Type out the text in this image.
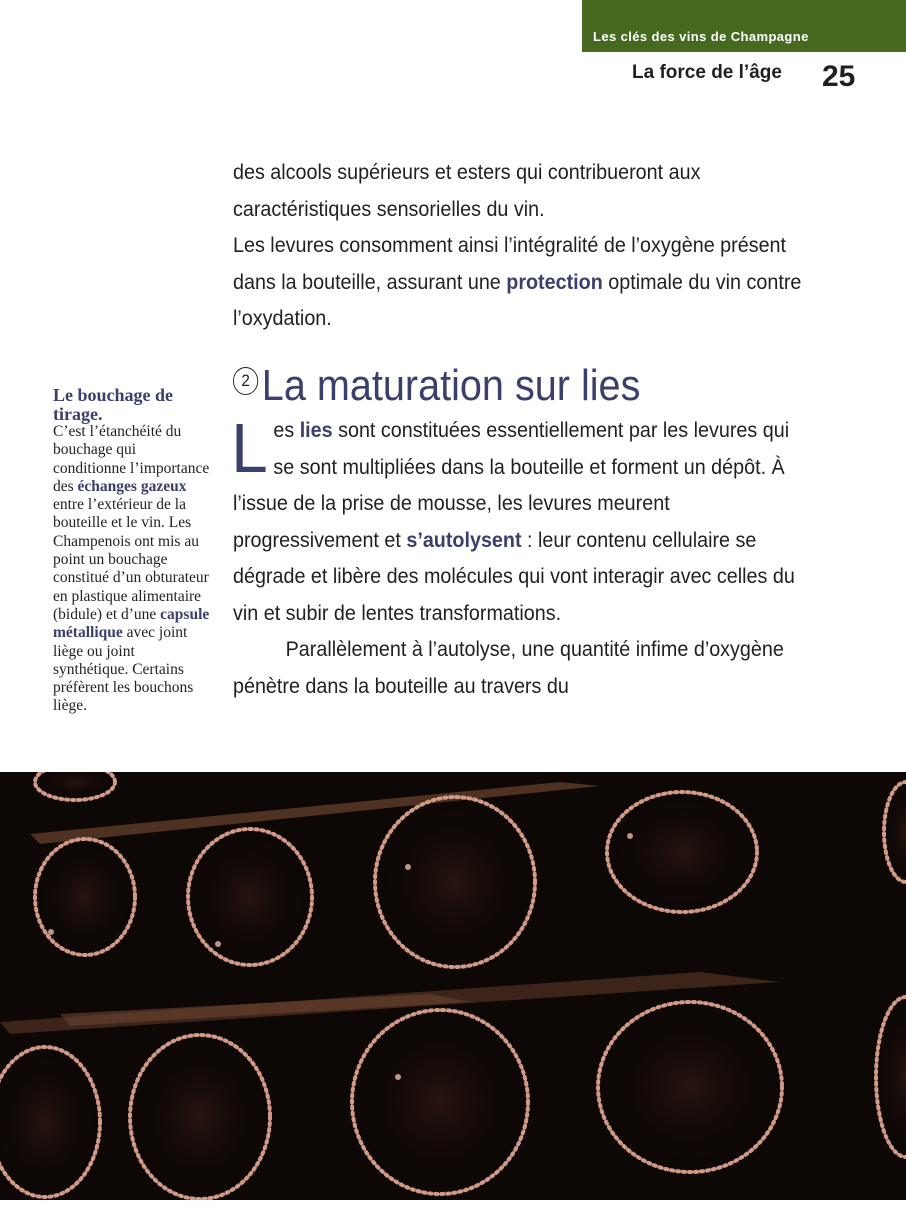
Les clés des vins de Champagne
La force de l’âge 25

des alcools supérieurs et esters qui contribueront aux

caractéristiques sensorielles du vin.

Les levures consomment ainsi l’intégralité de l’oxygène présent dans la bouteille, assurant une protection optimale du vin contre l’oxydation.

2 La maturation sur lies

Les lies sont constituées essentiellement par les levures qui se sont multipliées dans la bouteille et forment un dépôt. À l’issue de la prise de mousse, les levures meurent progressivement et s’autolysent : leur contenu cellulaire se dégrade et libère des molécules qui vont interagir avec celles du vin et subir de lentes transformations.

Parallèlement à l’autolyse, une quantité infime d’oxygène pénètre dans la bouteille au travers du

Le bouchage de tirage.

C’est l’étanchéité du bouchage qui conditionne l’importance des échanges gazeux entre l’extérieur de la bouteille et le vin. Les Champenois ont mis au point un bouchage constitué d’un obturateur en plastique alimentaire (bidule) et d’une capsule métallique avec joint liège ou joint synthétique. Certains préfèrent les bouchons liège.
